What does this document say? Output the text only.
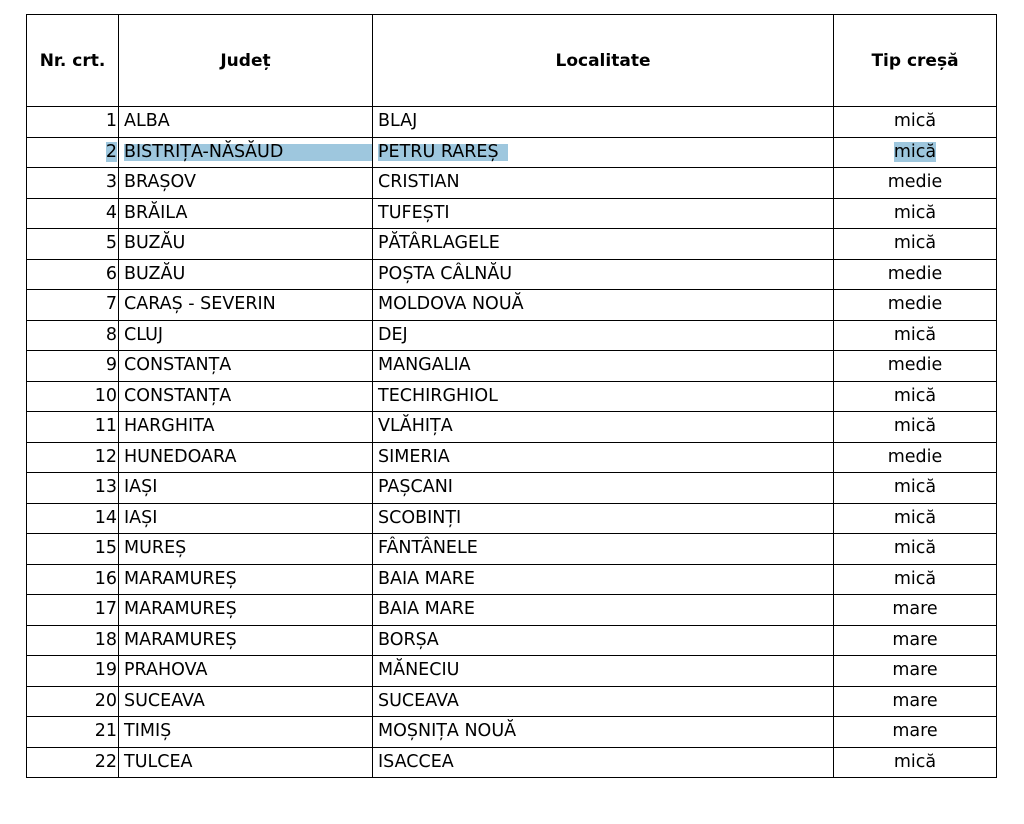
Nr. crt.	Județ	Localitate	Tip creșă
1	ALBA	BLAJ	mică
2	BISTRIȚA-NĂSĂUD	PETRU RAREȘ	mică
3	BRAȘOV	CRISTIAN	medie
4	BRĂILA	TUFEȘTI	mică
5	BUZĂU	PĂTÂRLAGELE	mică
6	BUZĂU	POȘTA CÂLNĂU	medie
7	CARAȘ - SEVERIN	MOLDOVA NOUĂ	medie
8	CLUJ	DEJ	mică
9	CONSTANȚA	MANGALIA	medie
10	CONSTANȚA	TECHIRGHIOL	mică
11	HARGHITA	VLĂHIȚA	mică
12	HUNEDOARA	SIMERIA	medie
13	IAȘI	PAȘCANI	mică
14	IAȘI	SCOBINȚI	mică
15	MUREȘ	FÂNTÂNELE	mică
16	MARAMUREȘ	BAIA MARE	mică
17	MARAMUREȘ	BAIA MARE	mare
18	MARAMUREȘ	BORȘA	mare
19	PRAHOVA	MĂNECIU	mare
20	SUCEAVA	SUCEAVA	mare
21	TIMIȘ	MOȘNIȚA NOUĂ	mare
22	TULCEA	ISACCEA	mică
